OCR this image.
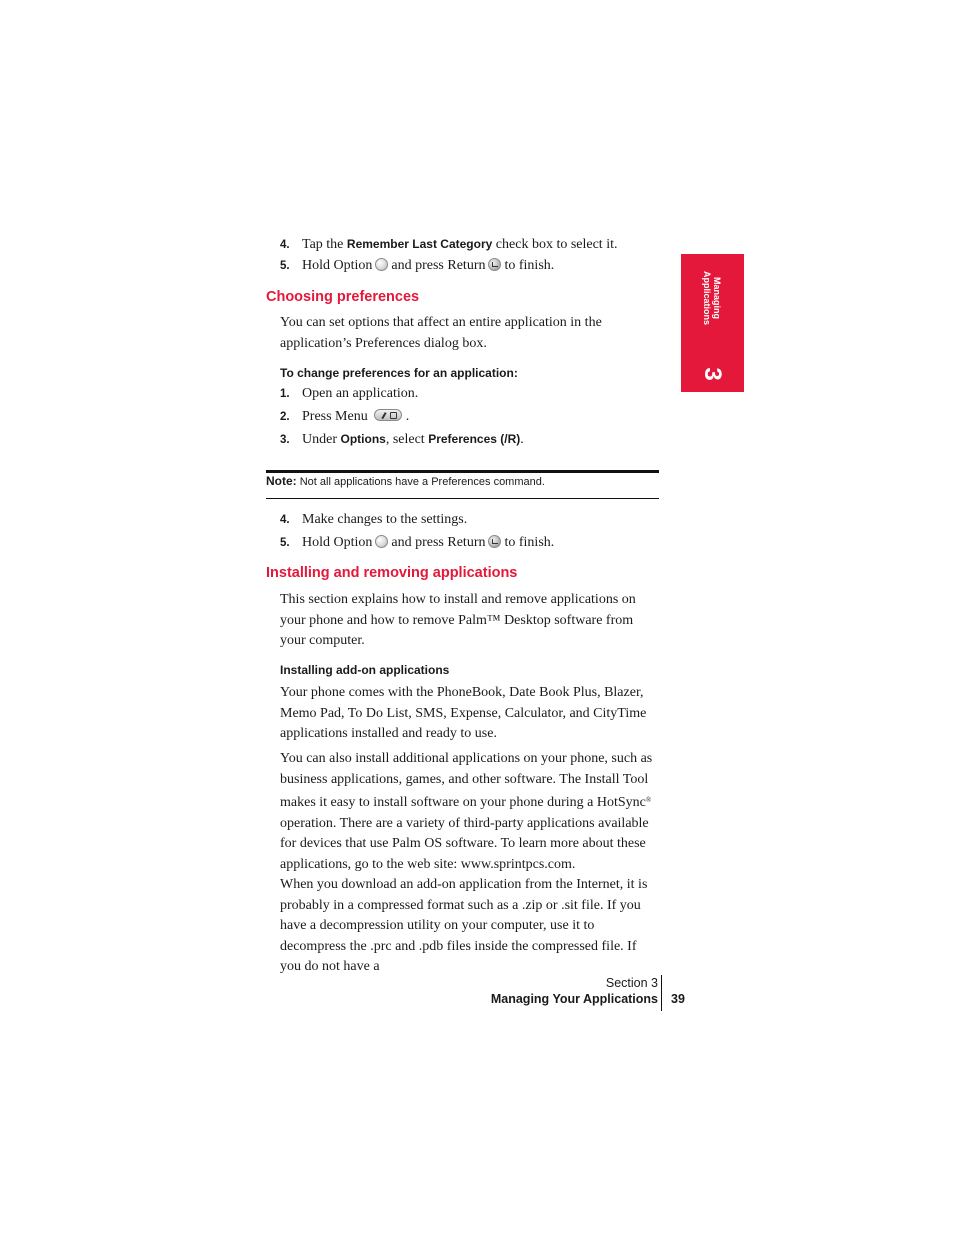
4. Tap the Remember Last Category check box to select it.
5. Hold Option and press Return to finish.
Choosing preferences

You can set options that affect an entire application in the application’s Preferences dialog box.

To change preferences for an application:
1. Open an application.
2. Press Menu	.
3. Under Options, select Preferences (/R).
Note: Not all applications have a Preferences command.
4. Make changes to the settings.
5. Hold Option and press Return to finish.
Installing and removing applications

This section explains how to install and remove applications on your phone and how to remove Palm™ Desktop software from your computer.

Installing add-on applications

Your phone comes with the PhoneBook, Date Book Plus, Blazer, Memo Pad, To Do List, SMS, Expense, Calculator, and CityTime applications installed and ready to use.

You can also install additional applications on your phone, such as business applications, games, and other software. The Install Tool makes it easy to install software on your phone during a HotSync® operation. There are a variety of third-party applications available for devices that use Palm OS software. To learn more about these applications, go to the web site: www.sprintpcs.com.

When you download an add-on application from the Internet, it is probably in a compressed format such as a .zip or .sit file. If you have a decompression utility on your computer, use it to decompress the .prc and .pdb files inside the compressed file. If you do not have a

Managing
Applications
3
Section 3
Managing Your Applications 39
